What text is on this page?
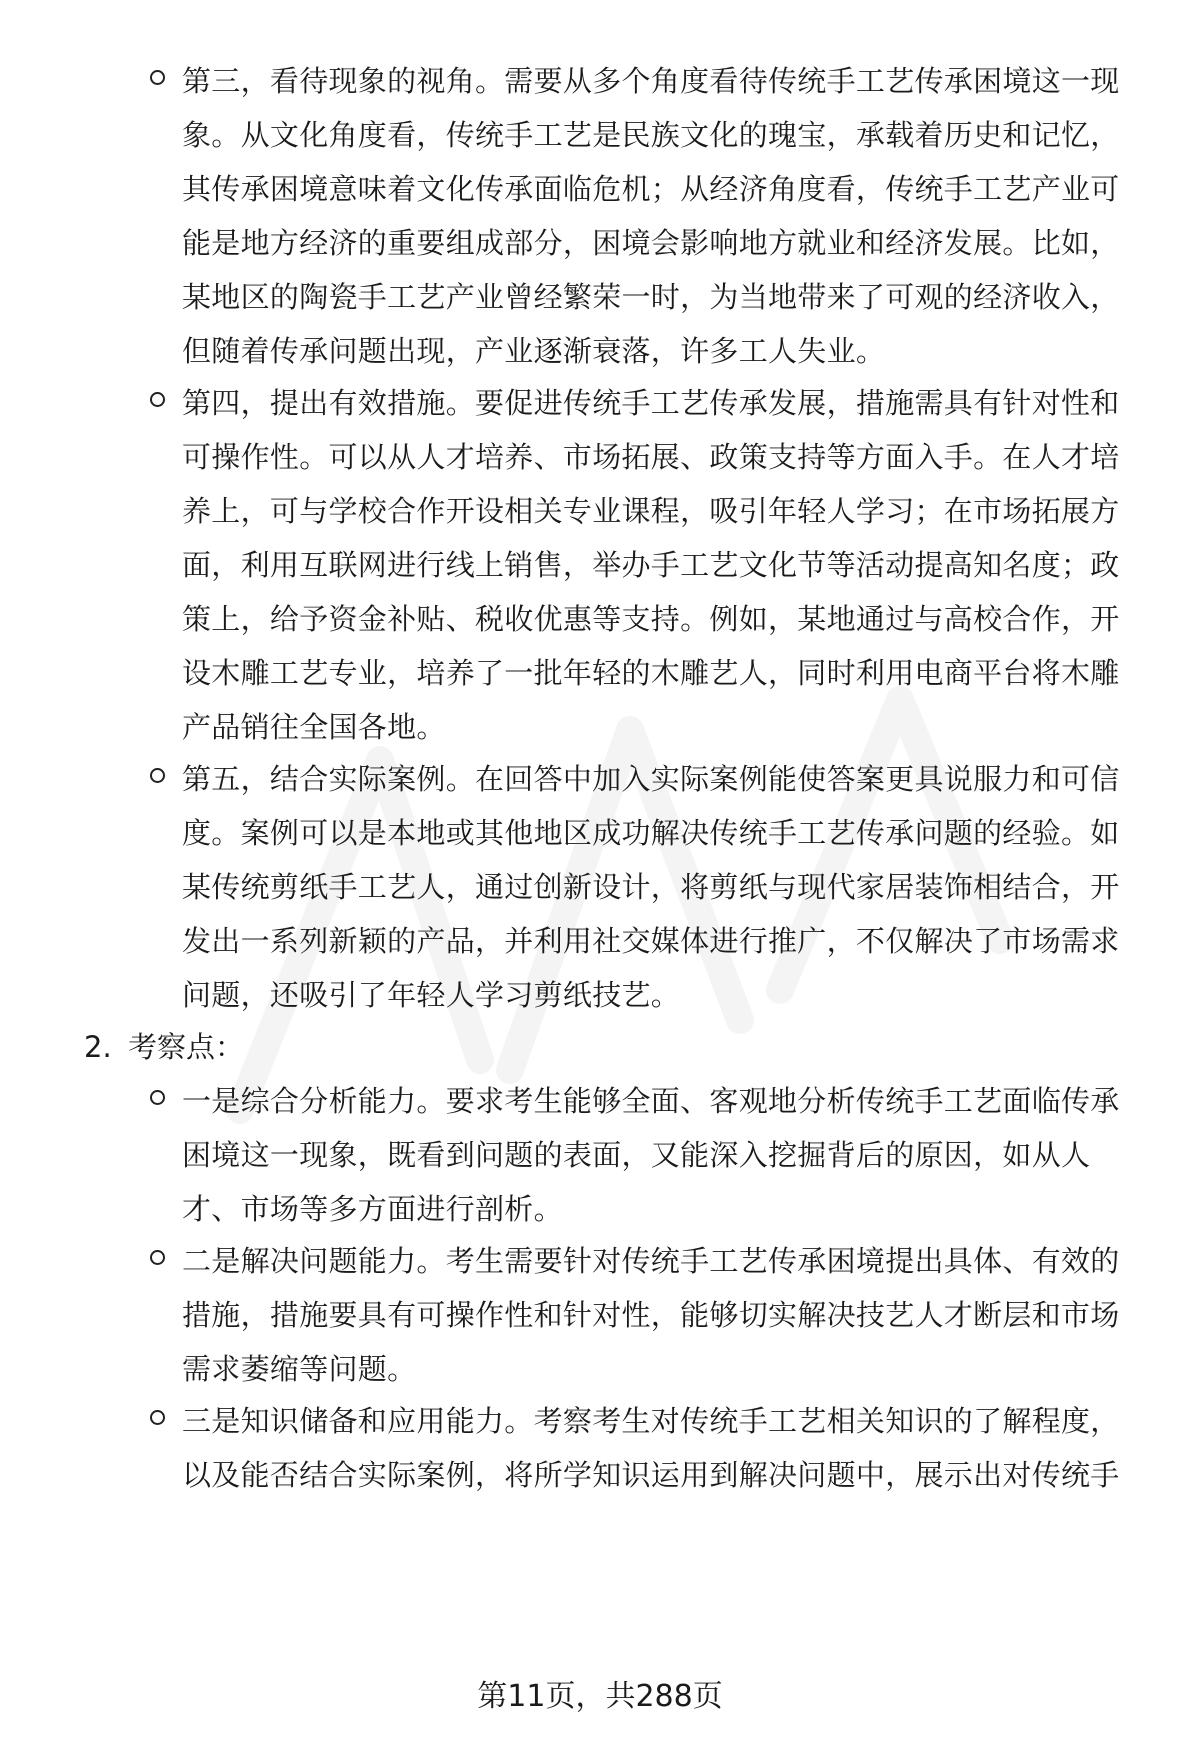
第三，看待现象的视角。需要从多个角度看待传统手工艺传承困境这一现
象。从文化角度看，传统手工艺是民族文化的瑰宝，承载着历史和记忆，
其传承困境意味着文化传承面临危机；从经济角度看，传统手工艺产业可
能是地方经济的重要组成部分，困境会影响地方就业和经济发展。比如，
某地区的陶瓷手工艺产业曾经繁荣一时，为当地带来了可观的经济收入，
但随着传承问题出现，产业逐渐衰落，许多工人失业。
第四，提出有效措施。要促进传统手工艺传承发展，措施需具有针对性和
可操作性。可以从人才培养、市场拓展、政策支持等方面入手。在人才培
养上，可与学校合作开设相关专业课程，吸引年轻人学习；在市场拓展方
面，利用互联网进行线上销售，举办手工艺文化节等活动提高知名度；政
策上，给予资金补贴、税收优惠等支持。例如，某地通过与高校合作，开
设木雕工艺专业，培养了一批年轻的木雕艺人，同时利用电商平台将木雕
产品销往全国各地。
第五，结合实际案例。在回答中加入实际案例能使答案更具说服力和可信
度。案例可以是本地或其他地区成功解决传统手工艺传承问题的经验。如
某传统剪纸手工艺人，通过创新设计，将剪纸与现代家居装饰相结合，开
发出一系列新颖的产品，并利用社交媒体进行推广，不仅解决了市场需求
问题，还吸引了年轻人学习剪纸技艺。
2. 考察点：
一是综合分析能力。要求考生能够全面、客观地分析传统手工艺面临传承
困境这一现象，既看到问题的表面，又能深入挖掘背后的原因，如从人
才、市场等多方面进行剖析。
二是解决问题能力。考生需要针对传统手工艺传承困境提出具体、有效的
措施，措施要具有可操作性和针对性，能够切实解决技艺人才断层和市场
需求萎缩等问题。
三是知识储备和应用能力。考察考生对传统手工艺相关知识的了解程度，
以及能否结合实际案例，将所学知识运用到解决问题中，展示出对传统手
第11页，共288页
